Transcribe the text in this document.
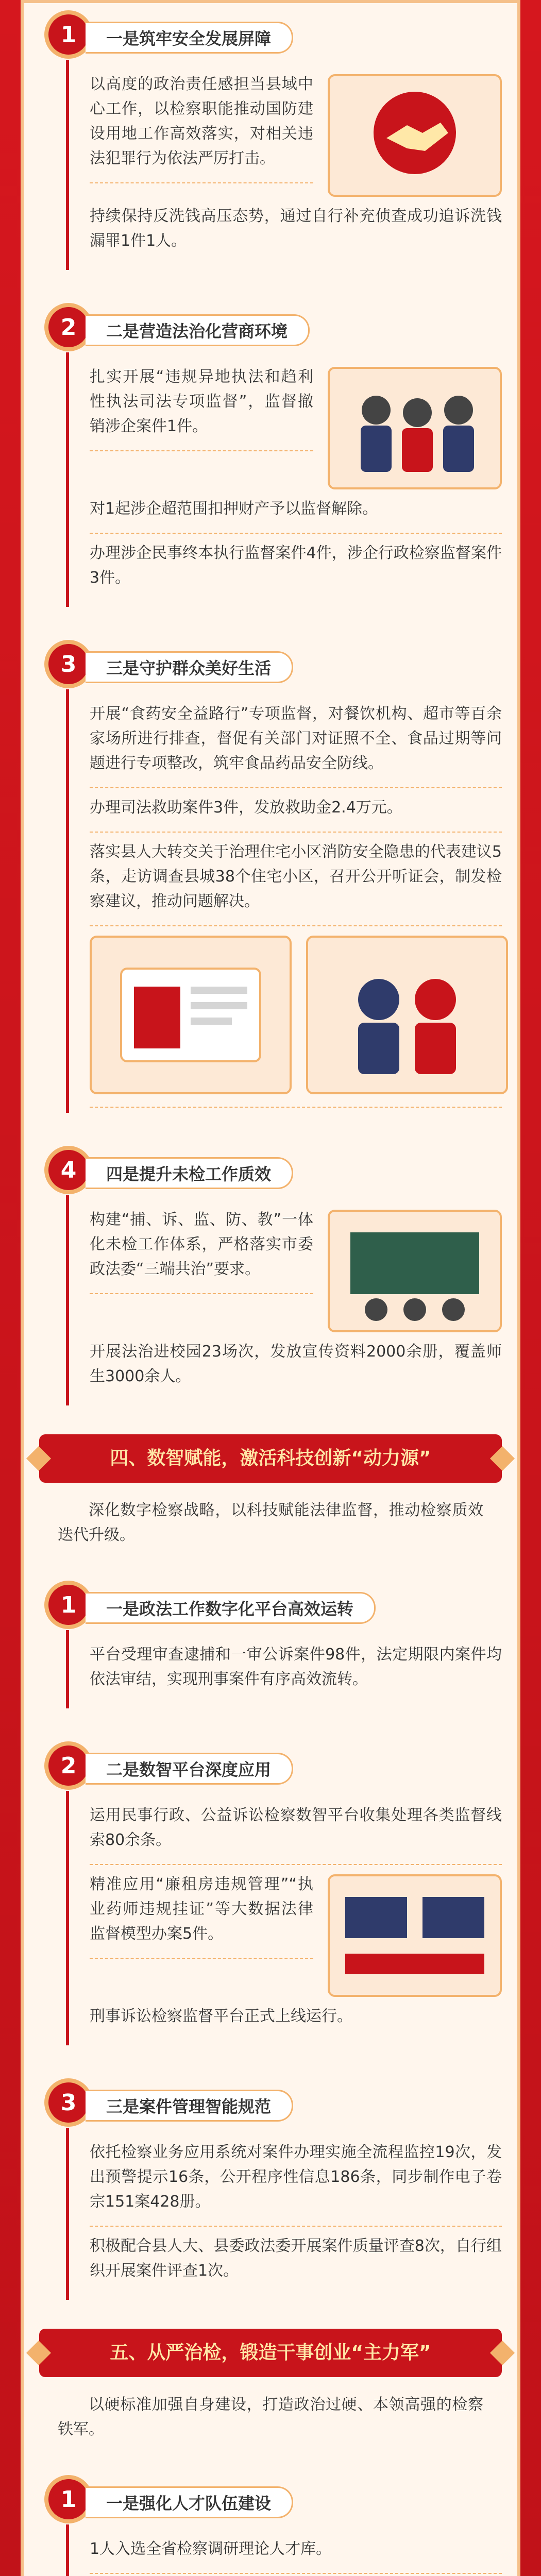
1	一是筑牢安全发展屏障

以高度的政治责任感担当县域中心工作，以检察职能推动国防建设用地工作高效落实，对相关违法犯罪行为依法严厉打击。

持续保持反洗钱高压态势，通过自行补充侦查成功追诉洗钱漏罪1件1人。

2	二是营造法治化营商环境

扎实开展“违规异地执法和趋利性执法司法专项监督”，监督撤销涉企案件1件。

对1起涉企超范围扣押财产予以监督解除。

办理涉企民事终本执行监督案件4件，涉企行政检察监督案件3件。

3	三是守护群众美好生活

开展“食药安全益路行”专项监督，对餐饮机构、超市等百余家场所进行排查，督促有关部门对证照不全、食品过期等问题进行专项整改，筑牢食品药品安全防线。

办理司法救助案件3件，发放救助金2.4万元。

落实县人大转交关于治理住宅小区消防安全隐患的代表建议5条，走访调查县城38个住宅小区，召开公开听证会，制发检察建议，推动问题解决。

4	四是提升未检工作质效

构建“捕、诉、监、防、教”一体化未检工作体系，严格落实市委政法委“三端共治”要求。

开展法治进校园23场次，发放宣传资料2000余册，覆盖师生3000余人。

四、数智赋能，激活科技创新“动力源”

深化数字检察战略，以科技赋能法律监督，推动检察质效迭代升级。

1	一是政法工作数字化平台高效运转

平台受理审查逮捕和一审公诉案件98件，法定期限内案件均依法审结，实现刑事案件有序高效流转。

2	二是数智平台深度应用

运用民事行政、公益诉讼检察数智平台收集处理各类监督线索80余条。

精准应用“廉租房违规管理”“执业药师违规挂证”等大数据法律监督模型办案5件。

刑事诉讼检察监督平台正式上线运行。

3	三是案件管理智能规范

依托检察业务应用系统对案件办理实施全流程监控19次，发出预警提示16条，公开程序性信息186条，同步制作电子卷宗151案428册。

积极配合县人大、县委政法委开展案件质量评查8次，自行组织开展案件评查1次。

五、从严治检，锻造干事创业“主力军”

以硬标准加强自身建设，打造政治过硬、本领高强的检察铁军。

1	一是强化人才队伍建设

1人入选全省检察调研理论人才库。
